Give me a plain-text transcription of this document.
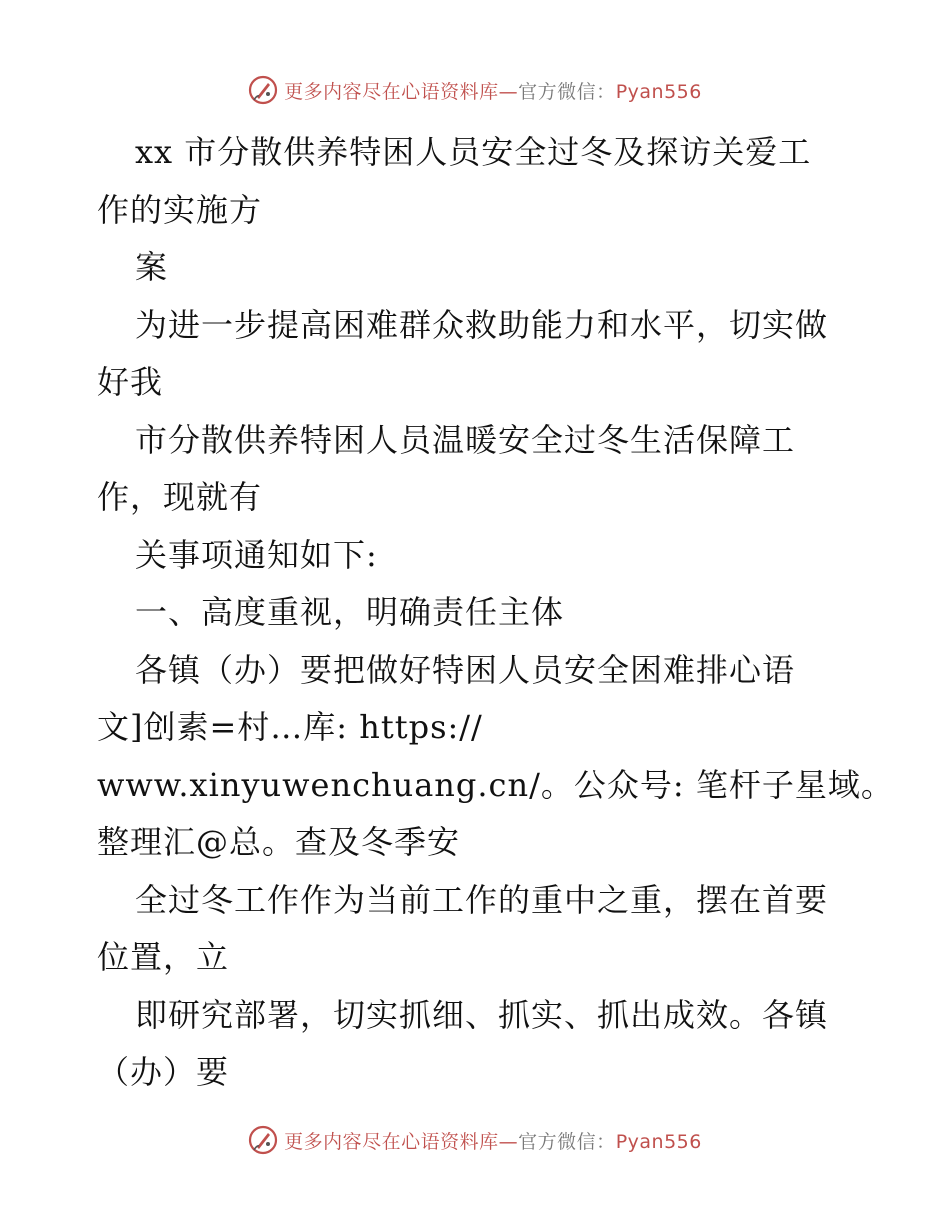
更多内容尽在心语资料库—官方微信：Pyan556
xx 市分散供养特困人员安全过冬及探访关爱工
作的实施方
案
为进一步提高困难群众救助能力和水平，切实做
好我
市分散供养特困人员温暖安全过冬生活保障工
作，现就有
关事项通知如下:
一、高度重视，明确责任主体
各镇（办）要把做好特困人员安全困难排心语
文]创素=村…库: https://
www.xinyuwenchuang.cn/。公众号: 笔杆子星域。
整理汇@总。查及冬季安
全过冬工作作为当前工作的重中之重，摆在首要
位置，立
即研究部署，切实抓细、抓实、抓出成效。各镇
（办）要
更多内容尽在心语资料库—官方微信：Pyan556
